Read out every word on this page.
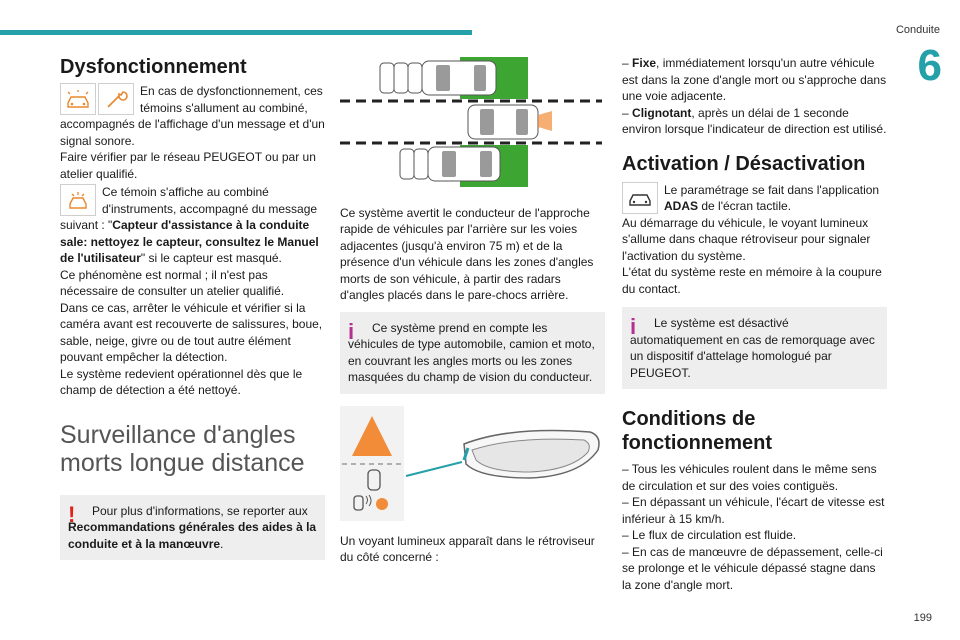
Conduite
6
Dysfonctionnement
En cas de dysfonctionnement, ces témoins s'allument au combiné,

accompagnés de l'affichage d'un message et d'un signal sonore.

Faire vérifier par le réseau PEUGEOT ou par un atelier qualifié.

Ce témoin s'affiche au combiné d'instruments, accompagné du message

suivant : "Capteur d'assistance à la conduite sale: nettoyez le capteur, consultez le Manuel de l'utilisateur" si le capteur est masqué.

Ce phénomène est normal ; il n'est pas nécessaire de consulter un atelier qualifié.

Dans ce cas, arrêter le véhicule et vérifier si la caméra avant est recouverte de salissures, boue, sable, neige, givre ou de tout autre élément pouvant empêcher la détection.

Le système redevient opérationnel dès que le champ de détection a été nettoyé.

Surveillance d'angles morts longue distance
!	Pour plus d'informations, se reporter aux Recommandations générales des aides à la conduite et à la manœuvre.

Ce système avertit le conducteur de l'approche rapide de véhicules par l'arrière sur les voies adjacentes (jusqu'à environ 75 m) et de la présence d'un véhicule dans les zones d'angles morts de son véhicule, à partir des radars d'angles placés dans le pare-chocs arrière.

i	Ce système prend en compte les véhicules de type automobile, camion et moto, en couvrant les angles morts ou les zones masquées du champ de vision du conducteur.

Un voyant lumineux apparaît dans le rétroviseur du côté concerné :

– Fixe, immédiatement lorsqu'un autre véhicule est dans la zone d'angle mort ou s'approche dans une voie adjacente.

– Clignotant, après un délai de 1 seconde environ lorsque l'indicateur de direction est utilisé.

Activation / Désactivation
Le paramétrage se fait dans l'application ADAS de l'écran tactile.

Au démarrage du véhicule, le voyant lumineux s'allume dans chaque rétroviseur pour signaler l'activation du système.

L'état du système reste en mémoire à la coupure du contact.

i	Le système est désactivé automatiquement en cas de remorquage avec un dispositif d'attelage homologué par PEUGEOT.

Conditions de fonctionnement

– Tous les véhicules roulent dans le même sens de circulation et sur des voies contiguës.

– En dépassant un véhicule, l'écart de vitesse est inférieur à 15 km/h.

– Le flux de circulation est fluide.

– En cas de manœuvre de dépassement, celle-ci se prolonge et le véhicule dépassé stagne dans la zone d'angle mort.

199
